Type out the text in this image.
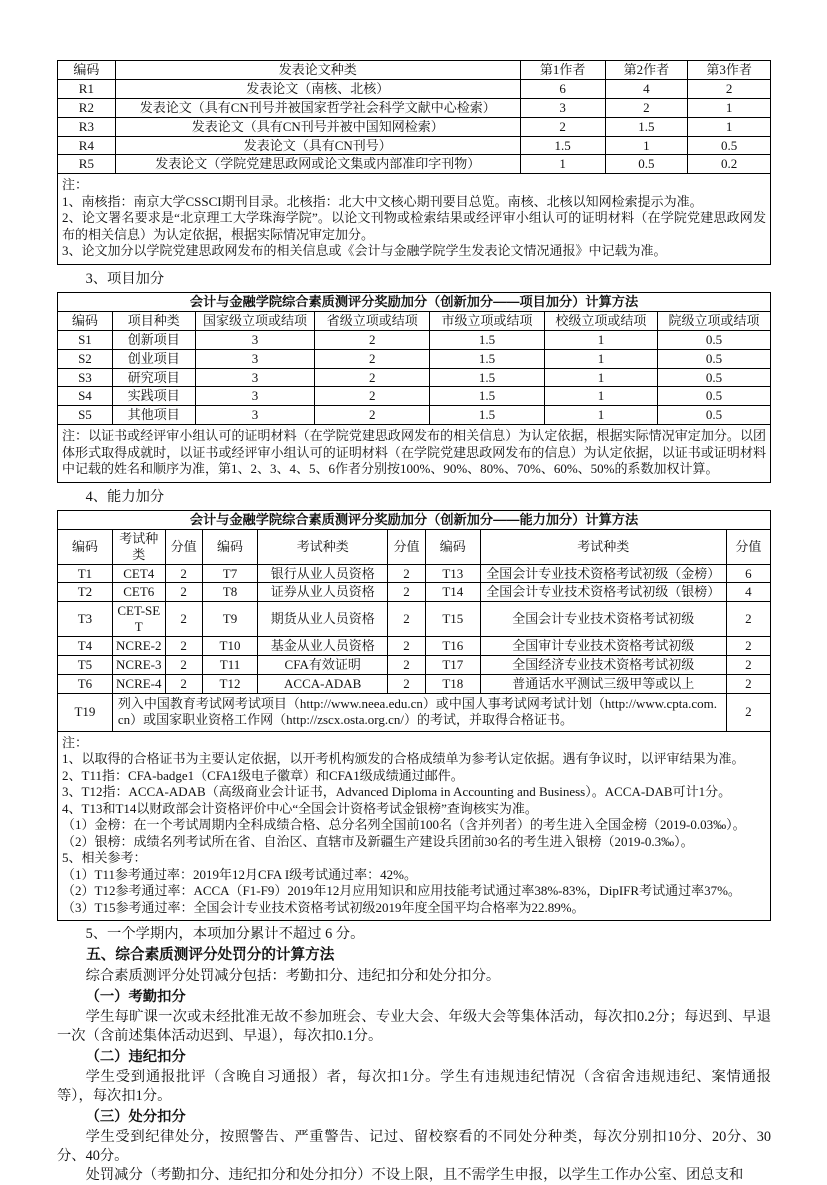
编码	发表论文种类	第1作者	第2作者	第3作者
R1	发表论文（南核、北核）	6	4	2
R2	发表论文（具有CN刊号并被国家哲学社会科学文献中心检索）	3	2	1
R3	发表论文（具有CN刊号并被中国知网检索）	2	1.5	1
R4	发表论文（具有CN刊号）	1.5	1	0.5
R5	发表论文（学院党建思政网或论文集或内部准印字刊物）	1	0.5	0.2

注：
1、南核指：南京大学CSSCI期刊目录。北核指：北大中文核心期刊要目总览。南核、北核以知网检索提示为准。
2、论文署名要求是“北京理工大学珠海学院”。以论文刊物或检索结果或经评审小组认可的证明材料（在学院党建思政网发布的相关信息）为认定依据，根据实际情况审定加分。
3、论文加分以学院党建思政网发布的相关信息或《会计与金融学院学生发表论文情况通报》中记载为准。				
3、项目加分
会计与金融学院综合素质测评分奖励加分（创新加分——项目加分）计算方法						
编码	项目种类	国家级立项或结项	省级立项或结项	市级立项或结项	校级立项或结项	院级立项或结项
S1	创新项目	3	2	1.5	1	0.5
S2	创业项目	3	2	1.5	1	0.5
S3	研究项目	3	2	1.5	1	0.5
S4	实践项目	3	2	1.5	1	0.5
S5	其他项目	3	2	1.5	1	0.5

注：以证书或经评审小组认可的证明材料（在学院党建思政网发布的相关信息）为认定依据，根据实际情况审定加分。以团体形式取得成就时，以证书或经评审小组认可的证明材料（在学院党建思政网发布的信息）为认定依据，以证书或证明材料中记载的姓名和顺序为准，第1、2、3、4、5、6作者分别按100%、90%、80%、70%、60%、50%的系数加权计算。						
4、能力加分
会计与金融学院综合素质测评分奖励加分（创新加分——能力加分）计算方法								
编码	考试种类	分值	编码	考试种类	分值	编码	考试种类	分值
T1	CET4	2	T7	银行从业人员资格	2	T13	全国会计专业技术资格考试初级（金榜）	6
T2	CET6	2	T8	证券从业人员资格	2	T14	全国会计专业技术资格考试初级（银榜）	4
T3	CET-SET	2	T9	期货从业人员资格	2	T15	全国会计专业技术资格考试初级	2
T4	NCRE-2	2	T10	基金从业人员资格	2	T16	全国审计专业技术资格考试初级	2
T5	NCRE-3	2	T11	CFA有效证明	2	T17	全国经济专业技术资格考试初级	2
T6	NCRE-4	2	T12	ACCA-ADAB	2	T18	普通话水平测试三级甲等或以上	2
T19	列入中国教育考试网考试项目（http://www.neea.edu.cn）或中国人事考试网考试计划（http://www.cpta.com.cn）或国家职业资格工作网（http://zscx.osta.org.cn/）的考试，并取得合格证书。							2

注：
1、以取得的合格证书为主要认定依据，以开考机构颁发的合格成绩单为参考认定依据。遇有争议时，以评审结果为准。
2、T11指：CFA-badge1（CFA1级电子徽章）和CFA1级成绩通过邮件。
3、T12指：ACCA-ADAB（高级商业会计证书，Advanced Diploma in Accounting and Business）。ACCA-DAB可计1分。
4、T13和T14以财政部会计资格评价中心“全国会计资格考试金银榜”查询核实为准。
（1）金榜：在一个考试周期内全科成绩合格、总分名列全国前100名（含并列者）的考生进入全国金榜（2019-0.03‰）。
（2）银榜：成绩名列考试所在省、自治区、直辖市及新疆生产建设兵团前30名的考生进入银榜（2019-0.3‰）。
5、相关参考：
（1）T11参考通过率：2019年12月CFA I级考试通过率：42%。
（2）T12参考通过率：ACCA（F1-F9）2019年12月应用知识和应用技能考试通过率38%-83%，DipIFR考试通过率37%。
（3）T15参考通过率：全国会计专业技术资格考试初级2019年度全国平均合格率为22.89%。

5、一个学期内，本项加分累计不超过 6 分。

五、综合素质测评分处罚分的计算方法

综合素质测评分处罚减分包括：考勤扣分、违纪扣分和处分扣分。

（一）考勤扣分

学生每旷课一次或未经批准无故不参加班会、专业大会、年级大会等集体活动，每次扣0.2分；每迟到、早退一次（含前述集体活动迟到、早退），每次扣0.1分。

（二）违纪扣分

学生受到通报批评（含晚自习通报）者，每次扣1分。学生有违规违纪情况（含宿舍违规违纪、案情通报等），每次扣1分。

（三）处分扣分

学生受到纪律处分，按照警告、严重警告、记过、留校察看的不同处分种类，每次分别扣10分、20分、30分、40分。

处罚减分（考勤扣分、违纪扣分和处分扣分）不设上限，且不需学生申报，以学生工作办公室、团总支和
